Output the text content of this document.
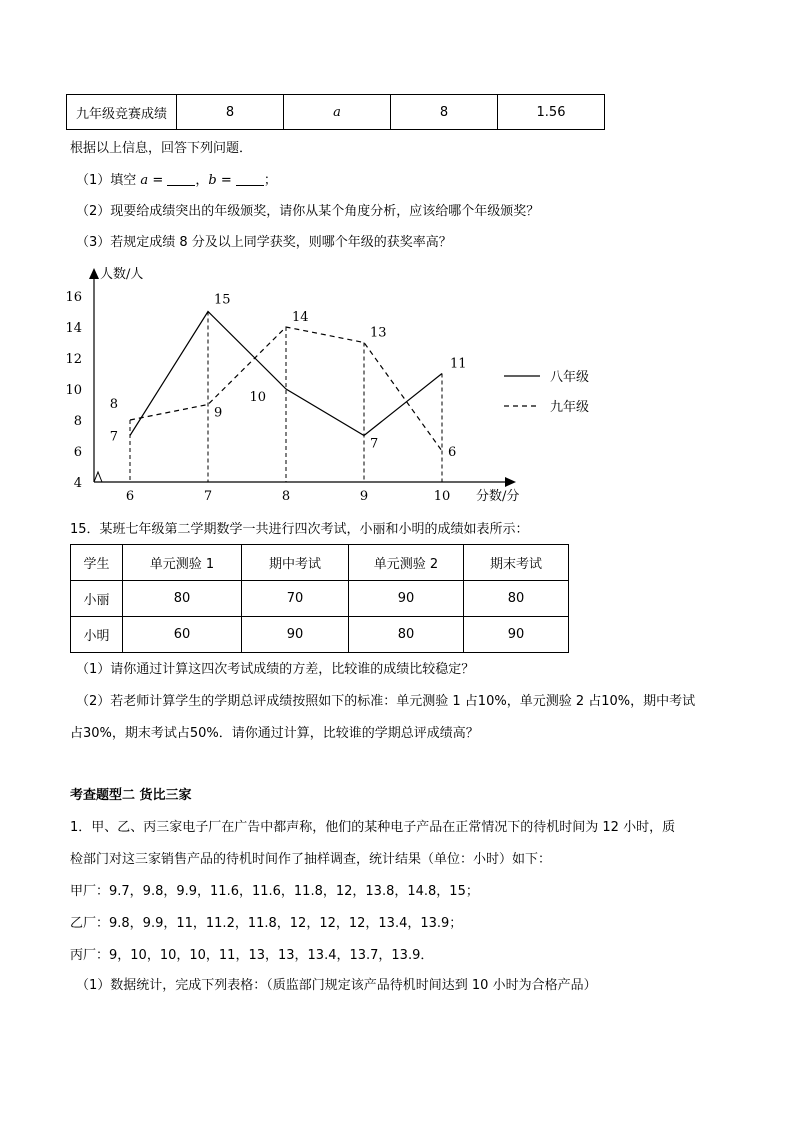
九年级竞赛成绩	8	a	8	1.56
根据以上信息，回答下列问题．
（1）填空 a = ，b = ；
（2）现要给成绩突出的年级颁奖，请你从某个角度分析，应该给哪个年级颁奖？
（3）若规定成绩 8 分及以上同学获奖，则哪个年级的获奖率高？
人数/人
分数/分
16
14
12
10
8
6
4
6	7	8	9	10
7
15
10
7
11
8
9
14
13
6
八年级
九年级
15．某班七年级第二学期数学一共进行四次考试，小丽和小明的成绩如表所示：
学生	单元测验 1	期中考试	单元测验 2	期末考试
小丽	80	70	90	80
小明	60	90	80	90
（1）请你通过计算这四次考试成绩的方差，比较谁的成绩比较稳定？
（2）若老师计算学生的学期总评成绩按照如下的标准：单元测验 1 占10%，单元测验 2 占10%，期中考试
占30%，期末考试占50%．请你通过计算，比较谁的学期总评成绩高？
考查题型二 货比三家
1．甲、乙、丙三家电子厂在广告中都声称，他们的某种电子产品在正常情况下的待机时间为 12 小时，质
检部门对这三家销售产品的待机时间作了抽样调查，统计结果（单位：小时）如下：
甲厂：9.7，9.8，9.9，11.6，11.6，11.8，12，13.8，14.8，15；
乙厂：9.8，9.9，11，11.2，11.8，12，12，12，13.4，13.9；
丙厂：9，10，10，10，11，13，13，13.4，13.7，13.9．
（1）数据统计，完成下列表格：（质监部门规定该产品待机时间达到 10 小时为合格产品）
